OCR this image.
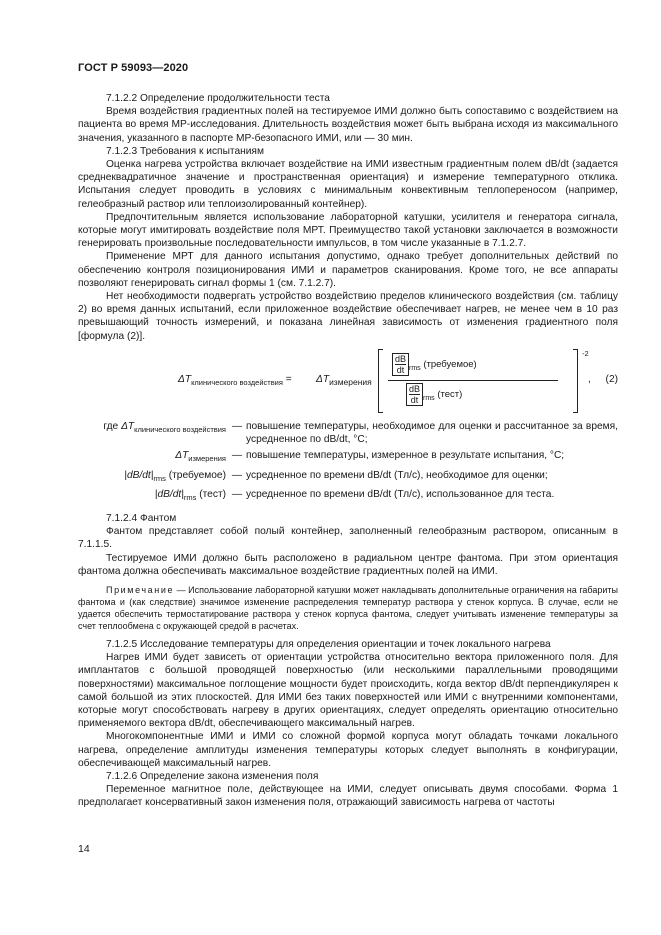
ГОСТ Р 59093—2020

7.1.2.2 Определение продолжительности теста

Время воздействия градиентных полей на тестируемое ИМИ должно быть сопоставимо с воздействием на пациента во время МР-исследования. Длительность воздействия может быть выбрана исходя из максимального значения, указанного в паспорте МР-безопасного ИМИ, или — 30 мин.

7.1.2.3 Требования к испытаниям

Оценка нагрева устройства включает воздействие на ИМИ известным градиентным полем dB/dt (задается среднеквадратичное значение и пространственная ориентация) и измерение температурного отклика. Испытания следует проводить в условиях с минимальным конвективным теплопереносом (например, гелеобразный раствор или теплоизолированный контейнер).

Предпочтительным является использование лабораторной катушки, усилителя и генератора сигнала, которые могут имитировать воздействие поля МРТ. Преимущество такой установки заключается в возможности генерировать произвольные последовательности импульсов, в том числе указанные в 7.1.2.7.

Применение МРТ для данного испытания допустимо, однако требует дополнительных действий по обеспечению контроля позиционирования ИМИ и параметров сканирования. Кроме того, не все аппараты позволяют генерировать сигнал формы 1 (см. 7.1.2.7).

Нет необходимости подвергать устройство воздействию пределов клинического воздействия (см. таблицу 2) во время данных испытаний, если приложенное воздействие обеспечивает нагрев, не менее чем в 10 раз превышающий точность измерений, и показана линейная зависимость от изменения градиентного поля [формула (2)].

$\Delta T_{клинического воздействия} = \Delta T_{измерения}$
$\frac{dB}{dt} _{rms}$ (требуемое)
$\frac{dB}{dt} _{rms}$ (тест)
-2
, (2)
где $\Delta T_{клинического воздействия}$	—	повышение температуры, необходимое для оценки и рассчитанное за время, усредненное по dB/dt, °C;
$\Delta T_{измерения}$	—	повышение температуры, измеренное в результате испытания, °C;
$|dB/dt|_{rms}$ (требуемое)	—	усредненное по времени dB/dt (Тл/с), необходимое для оценки;
$|dB/dt|_{rms}$ (тест)	—	усредненное по времени dB/dt (Тл/с), использованное для теста.

7.1.2.4 Фантом

Фантом представляет собой полый контейнер, заполненный гелеобразным раствором, описанным в 7.1.1.5.

Тестируемое ИМИ должно быть расположено в радиальном центре фантома. При этом ориентация фантома должна обеспечивать максимальное воздействие градиентных полей на ИМИ.

Примечание — Использование лабораторной катушки может накладывать дополнительные ограничения на габариты фантома и (как следствие) значимое изменение распределения температур раствора у стенок корпуса. В случае, если не удается обеспечить термостатирование раствора у стенок корпуса фантома, следует учитывать изменение температуры за счет теплообмена с окружающей средой в расчетах.

7.1.2.5 Исследование температуры для определения ориентации и точек локального нагрева

Нагрев ИМИ будет зависеть от ориентации устройства относительно вектора приложенного поля. Для имплантатов с большой проводящей поверхностью (или несколькими параллельными проводящими поверхностями) максимальное поглощение мощности будет происходить, когда вектор dB/dt перпендикулярен к самой большой из этих плоскостей. Для ИМИ без таких поверхностей или ИМИ с внутренними компонентами, которые могут способствовать нагреву в других ориентациях, следует определять ориентацию относительно применяемого вектора dB/dt, обеспечивающего максимальный нагрев.

Многокомпонентные ИМИ и ИМИ со сложной формой корпуса могут обладать точками локального нагрева, определение амплитуды изменения температуры которых следует выполнять в конфигурации, обеспечивающей максимальный нагрев.

7.1.2.6 Определение закона изменения поля

Переменное магнитное поле, действующее на ИМИ, следует описывать двумя способами. Форма 1 предполагает консервативный закон изменения поля, отражающий зависимость нагрева от частоты

14
